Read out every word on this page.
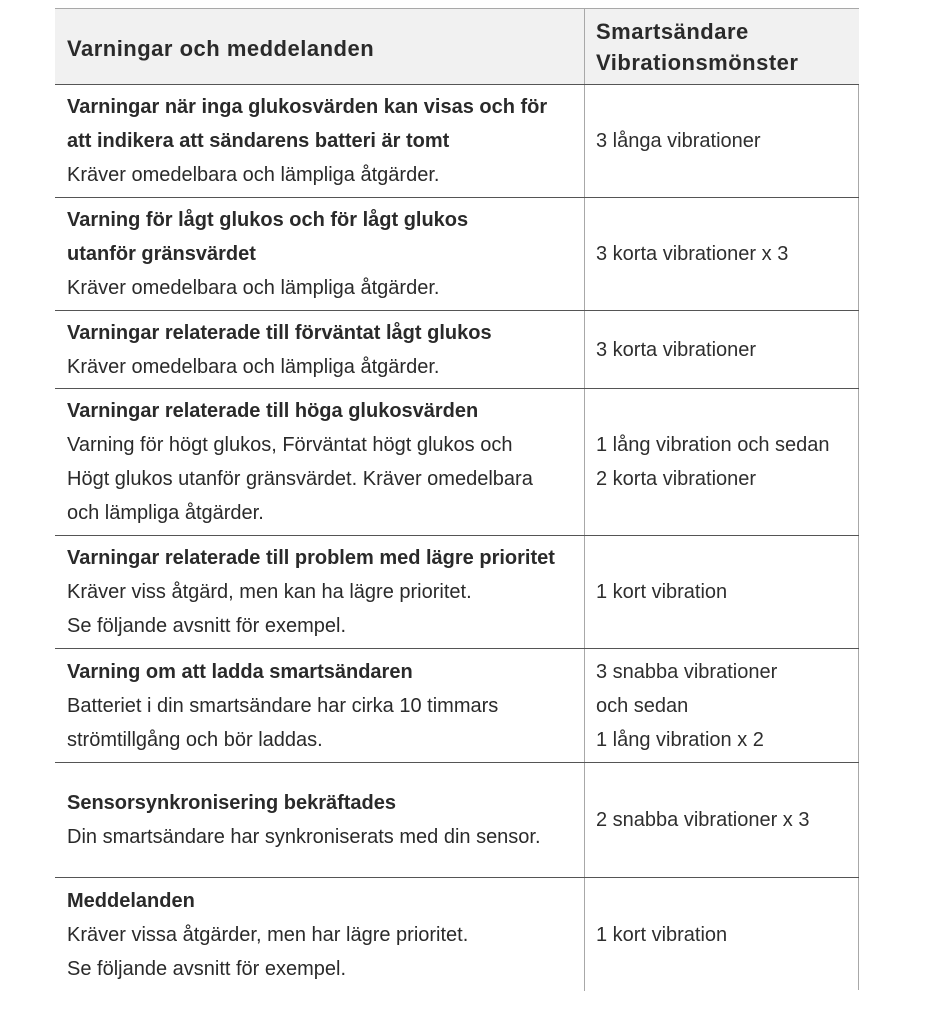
Varningar och meddelanden
Smartsändare
Vibrationsmönster
Varningar när inga glukosvärden kan visas och för
att indikera att sändarens batteri är tomt
Kräver omedelbara och lämpliga åtgärder.
3 långa vibrationer
Varning för lågt glukos och för lågt glukos
utanför gränsvärdet
Kräver omedelbara och lämpliga åtgärder.
3 korta vibrationer x 3
Varningar relaterade till förväntat lågt glukos
Kräver omedelbara och lämpliga åtgärder.
3 korta vibrationer
Varningar relaterade till höga glukosvärden
Varning för högt glukos, Förväntat högt glukos och
Högt glukos utanför gränsvärdet. Kräver omedelbara
och lämpliga åtgärder.
1 lång vibration och sedan
2 korta vibrationer
Varningar relaterade till problem med lägre prioritet
Kräver viss åtgärd, men kan ha lägre prioritet.
Se följande avsnitt för exempel.
1 kort vibration
Varning om att ladda smartsändaren
Batteriet i din smartsändare har cirka 10 timmars
strömtillgång och bör laddas.
3 snabba vibrationer
och sedan
1 lång vibration x 2
Sensorsynkronisering bekräftades
Din smartsändare har synkroniserats med din sensor.
2 snabba vibrationer x 3
Meddelanden
Kräver vissa åtgärder, men har lägre prioritet.
Se följande avsnitt för exempel.
1 kort vibration
